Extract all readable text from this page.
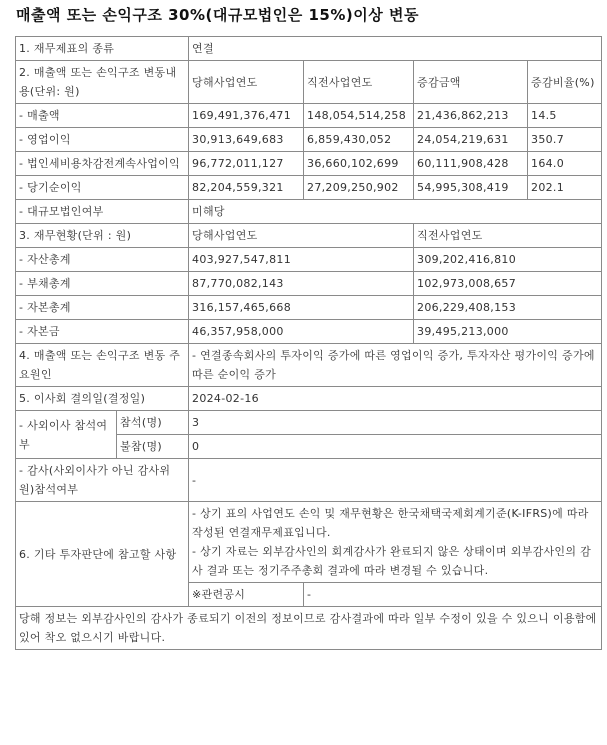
매출액 또는 손익구조 30%(대규모법인은 15%)이상 변동
1. 재무제표의 종류		연결			
2. 매출액 또는 손익구조 변동내용(단위: 원)		당해사업연도	직전사업연도	증감금액	증감비율(%)
- 매출액		169,491,376,471	148,054,514,258	21,436,862,213	14.5
- 영업이익		30,913,649,683	6,859,430,052	24,054,219,631	350.7
- 법인세비용차감전계속사업이익		96,772,011,127	36,660,102,699	60,111,908,428	164.0
- 당기순이익		82,204,559,321	27,209,250,902	54,995,308,419	202.1
- 대규모법인여부		미해당			
3. 재무현황(단위 : 원)		당해사업연도		직전사업연도	
- 자산총계		403,927,547,811		309,202,416,810	
- 부채총계		87,770,082,143		102,973,008,657	
- 자본총계		316,157,465,668		206,229,408,153	
- 자본금		46,357,958,000		39,495,213,000	
4. 매출액 또는 손익구조 변동 주요원인		- 연결종속회사의 투자이익 증가에 따른 영업이익 증가, 투자자산 평가이익 증가에 따른 순이익 증가			
5. 이사회 결의일(결정일)		2024-02-16			
- 사외이사 참석여부	참석(명)	3			
	불참(명)	0			
- 감사(사외이사가 아닌 감사위원)참석여부		-			
6. 기타 투자판단에 참고할 사항		- 상기 표의 사업연도 손익 및 재무현황은 한국채택국제회계기준(K-IFRS)에 따라 작성된 연결재무제표입니다.
- 상기 자료는 외부감사인의 회계감사가 완료되지 않은 상태이며 외부감사인의 감사 결과 또는 정기주주총회 결과에 따라 변경될 수 있습니다.			

		※관련공시	-		
당해 정보는 외부감사인의 감사가 종료되기 이전의 정보이므로 감사결과에 따라 일부 수정이 있을 수 있으니 이용함에 있어 착오 없으시기 바랍니다.					
